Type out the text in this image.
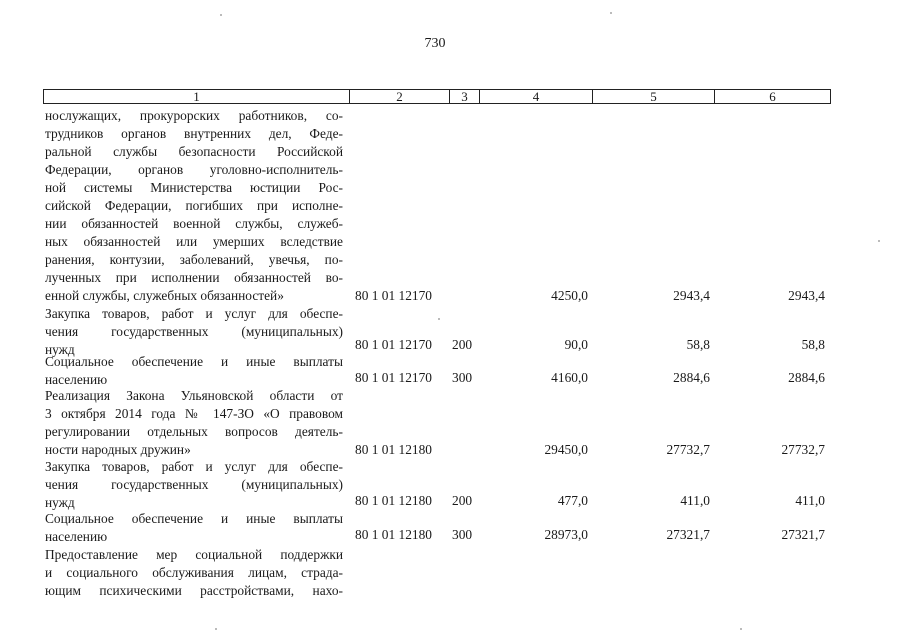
730
1	2	3	4	5	6
нослужащих, прокурорских работников, со-
трудников органов внутренних дел, Феде-
ральной службы безопасности Российской
Федерации, органов уголовно-исполнитель-
ной системы Министерства юстиции Рос-
сийской Федерации, погибших при исполне-
нии обязанностей военной службы, служеб-
ных обязанностей или умерших вследствие
ранения, контузии, заболеваний, увечья, по-
лученных при исполнении обязанностей во-
енной службы, служебных обязанностей»	80 1 01 12170	4250,0	2943,4	2943,4
Закупка товаров, работ и услуг для обеспе-
чения государственных (муниципальных)
нужд	80 1 01 12170 200	90,0	58,8	58,8
Социальное обеспечение и иные выплаты
населению	80 1 01 12170 300	4160,0	2884,6	2884,6
Реализация Закона Ульяновской области от
3 октября 2014 года № 147-ЗО «О правовом
регулировании отдельных вопросов деятель-
ности народных дружин»	80 1 01 12180	29450,0	27732,7	27732,7
Закупка товаров, работ и услуг для обеспе-
чения государственных (муниципальных)
нужд	80 1 01 12180 200	477,0	411,0	411,0
Социальное обеспечение и иные выплаты
населению	80 1 01 12180 300	28973,0	27321,7	27321,7
Предоставление мер социальной поддержки
и социального обслуживания лицам, страда-
ющим психическими расстройствами, нахо-
